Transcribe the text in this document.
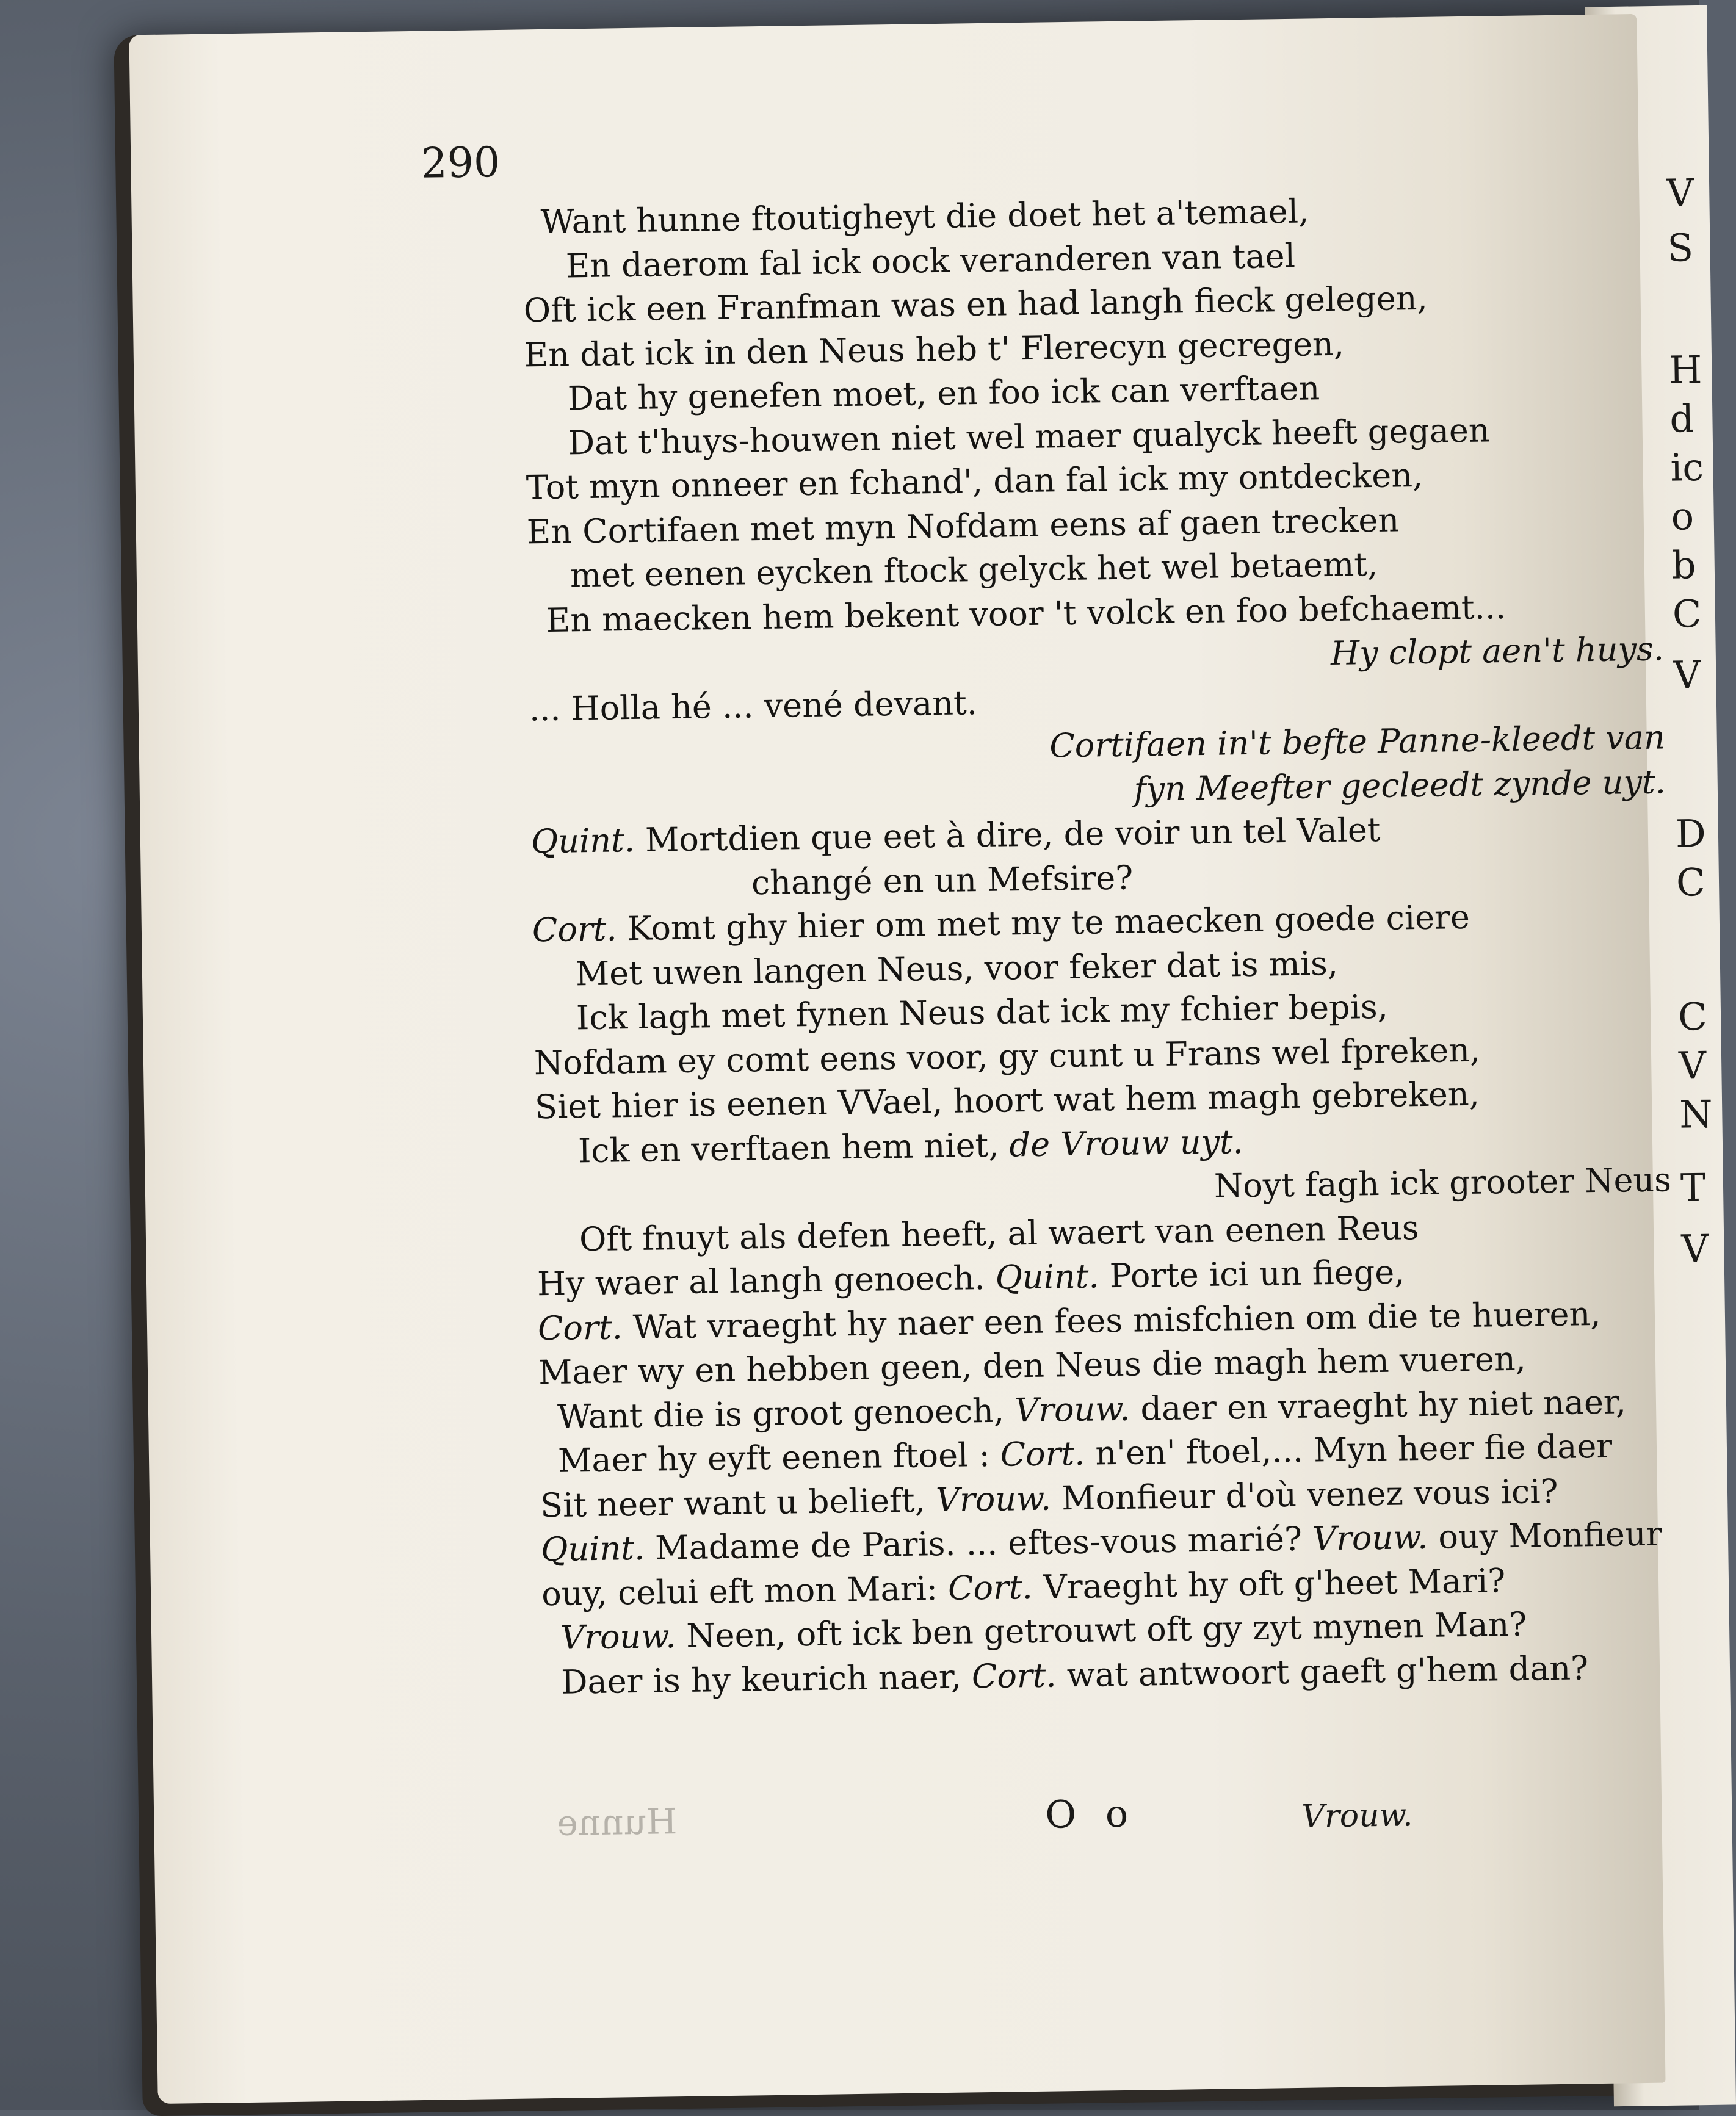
V
S
H
d
ic
o
b
C
V
D
C
C
V
N
T
V
290
Want hunne ftoutigheyt die doet het a'temael,
En daerom fal ick oock veranderen van tael
Oft ick een Franfman was en had langh fieck gelegen,
En dat ick in den Neus heb t' Flerecyn gecregen,
Dat hy genefen moet, en foo ick can verftaen
Dat t'huys-houwen niet wel maer qualyck heeft gegaen
Tot myn onneer en fchand', dan fal ick my ontdecken,
En Cortifaen met myn Nofdam eens af gaen trecken
met eenen eycken ftock gelyck het wel betaemt,
En maecken hem bekent voor 't volck en foo befchaemt...
Hy clopt aen't huys.
... Holla hé ... vené devant.
Cortifaen in't befte Panne-kleedt van
fyn Meefter gecleedt zynde uyt.
Quint. Mortdien que eet à dire, de voir un tel Valet
changé en un Mefsire?
Cort. Komt ghy hier om met my te maecken goede ciere
Met uwen langen Neus, voor feker dat is mis,
Ick lagh met fynen Neus dat ick my fchier bepis,
Nofdam ey comt eens voor, gy cunt u Frans wel fpreken,
Siet hier is eenen VVael, hoort wat hem magh gebreken,
Ick en verftaen hem niet, de Vrouw uyt.
Noyt fagh ick grooter Neus
Oft fnuyt als defen heeft, al waert van eenen Reus
Hy waer al langh genoech. Quint. Porte ici un fiege,
Cort. Wat vraeght hy naer een fees misfchien om die te hueren,
Maer wy en hebben geen, den Neus die magh hem vueren,
Want die is groot genoech, Vrouw. daer en vraeght hy niet naer,
Maer hy eyft eenen ftoel : Cort. n'en' ftoel,... Myn heer fie daer
Sit neer want u belieft, Vrouw. Monfieur d'où venez vous ici?
Quint. Madame de Paris. ... eftes-vous marié? Vrouw. ouy Monfieur
ouy, celui eft mon Mari: Cort. Vraeght hy oft g'heet Mari?
Vrouw. Neen, oft ick ben getrouwt oft gy zyt mynen Man?
Daer is hy keurich naer, Cort. wat antwoort gaeft g'hem dan?
Hunne	O o	Vrouw.
